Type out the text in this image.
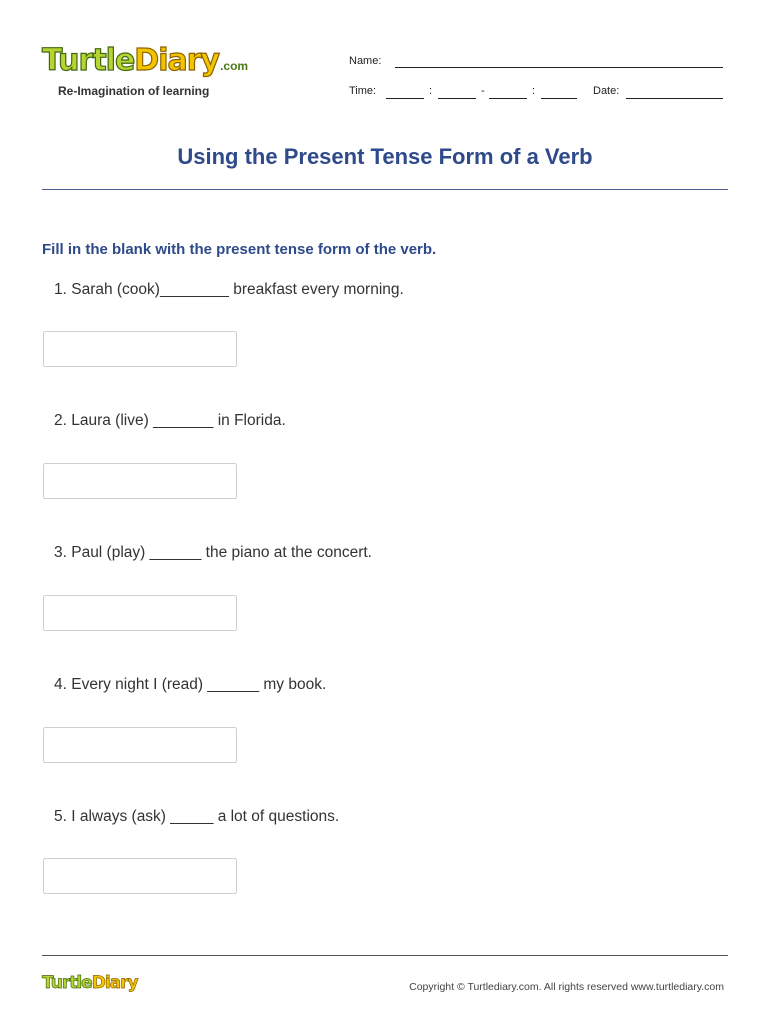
TurtleDiary.com
Re-Imagination of learning
Name:
Time:	:	-	:	Date:
Using the Present Tense Form of a Verb
Fill in the blank with the present tense form of the verb.
1. Sarah (cook)________ breakfast every morning.
2. Laura (live) _______ in Florida.
3. Paul (play) ______ the piano at the concert.
4. Every night I (read) ______ my book.
5. I always (ask) _____ a lot of questions.
TurtleDiary	Copyright © Turtlediary.com. All rights reserved www.turtlediary.com
